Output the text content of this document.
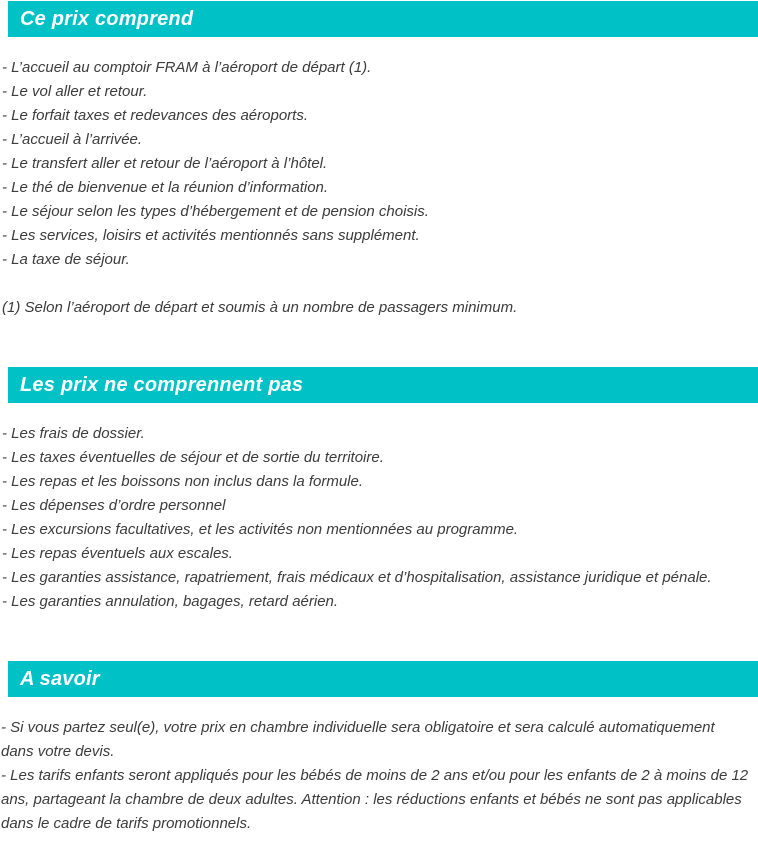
Ce prix comprend
- L’accueil au comptoir FRAM à l’aéroport de départ (1).
- Le vol aller et retour.
- Le forfait taxes et redevances des aéroports.
- L’accueil à l’arrivée.
- Le transfert aller et retour de l’aéroport à l’hôtel.
- Le thé de bienvenue et la réunion d’information.
- Le séjour selon les types d’hébergement et de pension choisis.
- Les services, loisirs et activités mentionnés sans supplément.
- La taxe de séjour.

(1) Selon l’aéroport de départ et soumis à un nombre de passagers minimum.

Les prix ne comprennent pas
- Les frais de dossier.
- Les taxes éventuelles de séjour et de sortie du territoire.
- Les repas et les boissons non inclus dans la formule.
- Les dépenses d’ordre personnel
- Les excursions facultatives, et les activités non mentionnées au programme.
- Les repas éventuels aux escales.
- Les garanties assistance, rapatriement, frais médicaux et d’hospitalisation, assistance juridique et pénale.
- Les garanties annulation, bagages, retard aérien.
A savoir

- Si vous partez seul(e), votre prix en chambre individuelle sera obligatoire et sera calculé automatiquement dans votre devis.

- Les tarifs enfants seront appliqués pour les bébés de moins de 2 ans et/ou pour les enfants de 2 à moins de 12 ans, partageant la chambre de deux adultes. Attention : les réductions enfants et bébés ne sont pas applicables dans le cadre de tarifs promotionnels.
